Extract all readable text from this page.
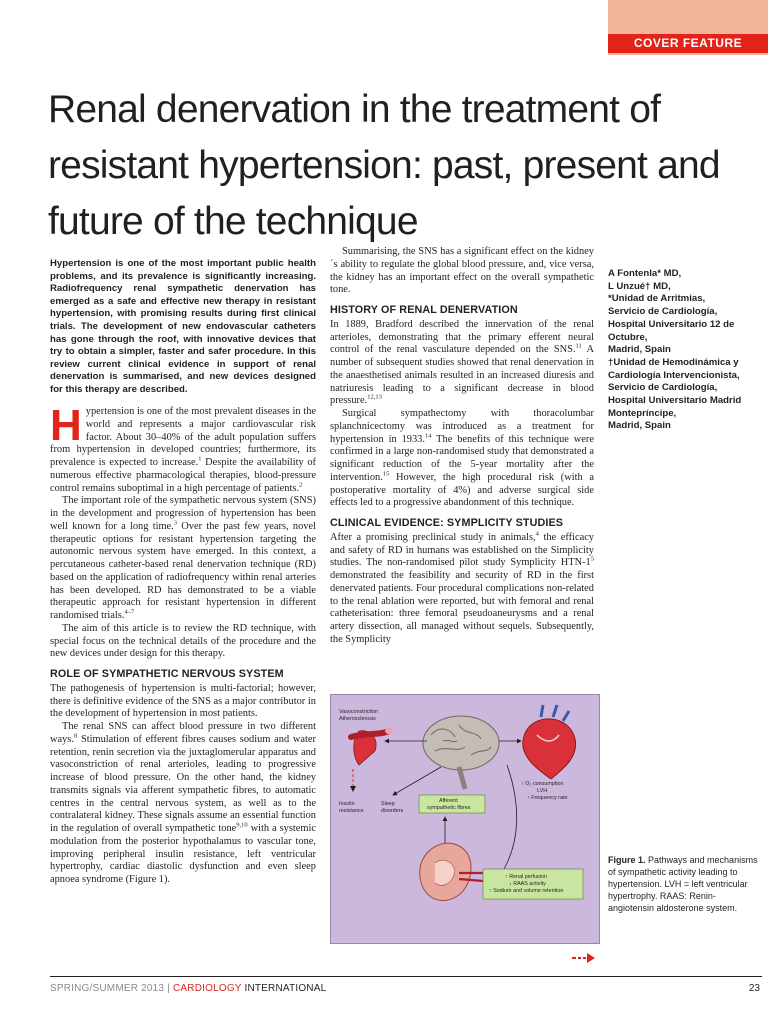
COVER FEATURE
Renal denervation in the treatment of resistant hypertension: past, present and future of the technique

Hypertension is one of the most important public health problems, and its prevalence is significantly increasing. Radiofrequency renal sympathetic denervation has emerged as a safe and effective new therapy in resistant hypertension, with promising results during first clinical trials. The development of new endovascular catheters has gone through the roof, with innovative devices that try to obtain a simpler, faster and safer procedure. In this review current clinical evidence in support of renal denervation is summarised, and new devices designed for this therapy are described.

Hypertension is one of the most prevalent diseases in the world and represents a major cardiovascular risk factor. About 30–40% of the adult population suffers from hypertension in developed countries; furthermore, its prevalence is expected to increase.$^1$ Despite the availability of numerous effective pharmacological therapies, blood-pressure control remains suboptimal in a high percentage of patients.$^2$

The important role of the sympathetic nervous system (SNS) in the development and progression of hypertension has been well known for a long time.$^3$ Over the past few years, novel therapeutic options for resistant hypertension targeting the autonomic nervous system have emerged. In this context, a percutaneous catheter-based renal denervation technique (RD) based on the application of radiofrequency within renal arteries has been developed. RD has demonstrated to be a viable therapeutic approach for resistant hypertension in different randomised trials.$^{4-7}$

The aim of this article is to review the RD technique, with special focus on the technical details of the procedure and the new devices under design for this therapy.

ROLE OF SYMPATHETIC NERVOUS SYSTEM

The pathogenesis of hypertension is multi-factorial; however, there is definitive evidence of the SNS as a major contributor in the development of hypertension in most patients.

The renal SNS can affect blood pressure in two different ways.$^8$ Stimulation of efferent fibres causes sodium and water retention, renin secretion via the juxtaglomerular apparatus and vasoconstriction of renal arterioles, leading to progressive increase of blood pressure. On the other hand, the kidney transmits signals via afferent sympathetic fibres, to automatic centres in the central nervous system, as well as to the contralateral kidney. These signals assume an essential function in the regulation of overall sympathetic tone$^{9,10}$ with a systemic modulation from the posterior hypothalamus to vascular tone, improving peripheral insulin resistance, left ventricular hypertrophy, cardiac diastolic dysfunction and even sleep apnoea syndrome (Figure 1).

Summarising, the SNS has a significant effect on the kidney´s ability to regulate the global blood pressure, and, vice versa, the kidney has an important effect on the overall sympathetic tone.

HISTORY OF RENAL DENERVATION

In 1889, Bradford described the innervation of the renal arterioles, demonstrating that the primary efferent neural control of the renal vasculature depended on the SNS.$^{11}$ A number of subsequent studies showed that renal denervation in the anaesthetised animals resulted in an increased diuresis and natriuresis leading to a significant decrease in blood pressure.$^{12,13}$

Surgical sympathectomy with thoracolumbar splanchnicectomy was introduced as a treatment for hypertension in 1933.14 The benefits of this technique were confirmed in a large non-randomised study that demonstrated a significant reduction of the 5-year mortality after the intervention.$^{15}$ However, the high procedural risk (with a postoperative mortality of 4%) and adverse surgical side effects led to a progressive abandonment of this technique.

CLINICAL EVIDENCE: SYMPLICITY STUDIES

After a promising preclinical study in animals,$^4$ the efficacy and safety of RD in humans was established on the Simplicity studies. The non-randomised pilot study Symplicity HTN-$1^5$ demonstrated the feasibility and security of RD in the first denervated patients. Four procedural complications non-related to the renal ablation were reported, but with femoral and renal catheterisation: three femoral pseudoaneurysms and a renal artery dissection, all managed without sequels. Subsequently, the Symplicity

A Fontenla* MD,
L Unzué† MD,
*Unidad de Arritmias,
Servicio de Cardiología,
Hospital Universitario 12 de
Octubre,
Madrid, Spain
†Unidad de Hemodinámica y
Cardiología Intervencionista,
Servicio de Cardiología,
Hospital Universitario Madrid
Montepríncipe,
Madrid, Spain
Vasoconstriction
Atherosclerosis
↑ O₂ consumption
LVH
↑ Frequency rate
Insulin
resistance
Sleep
disorders
Afferent
sympathetic fibres
↑ Renal perfusion
↓ RAAS activity
↑ Sodium and volume retention
Figure 1. Pathways and mechanisms of sympathetic activity leading to hypertension. LVH = left ventricular hypertrophy. RAAS: Renin-angiotensin aldosterone system.
SPRING/SUMMER 2013 | CARDIOLOGY INTERNATIONAL	23
